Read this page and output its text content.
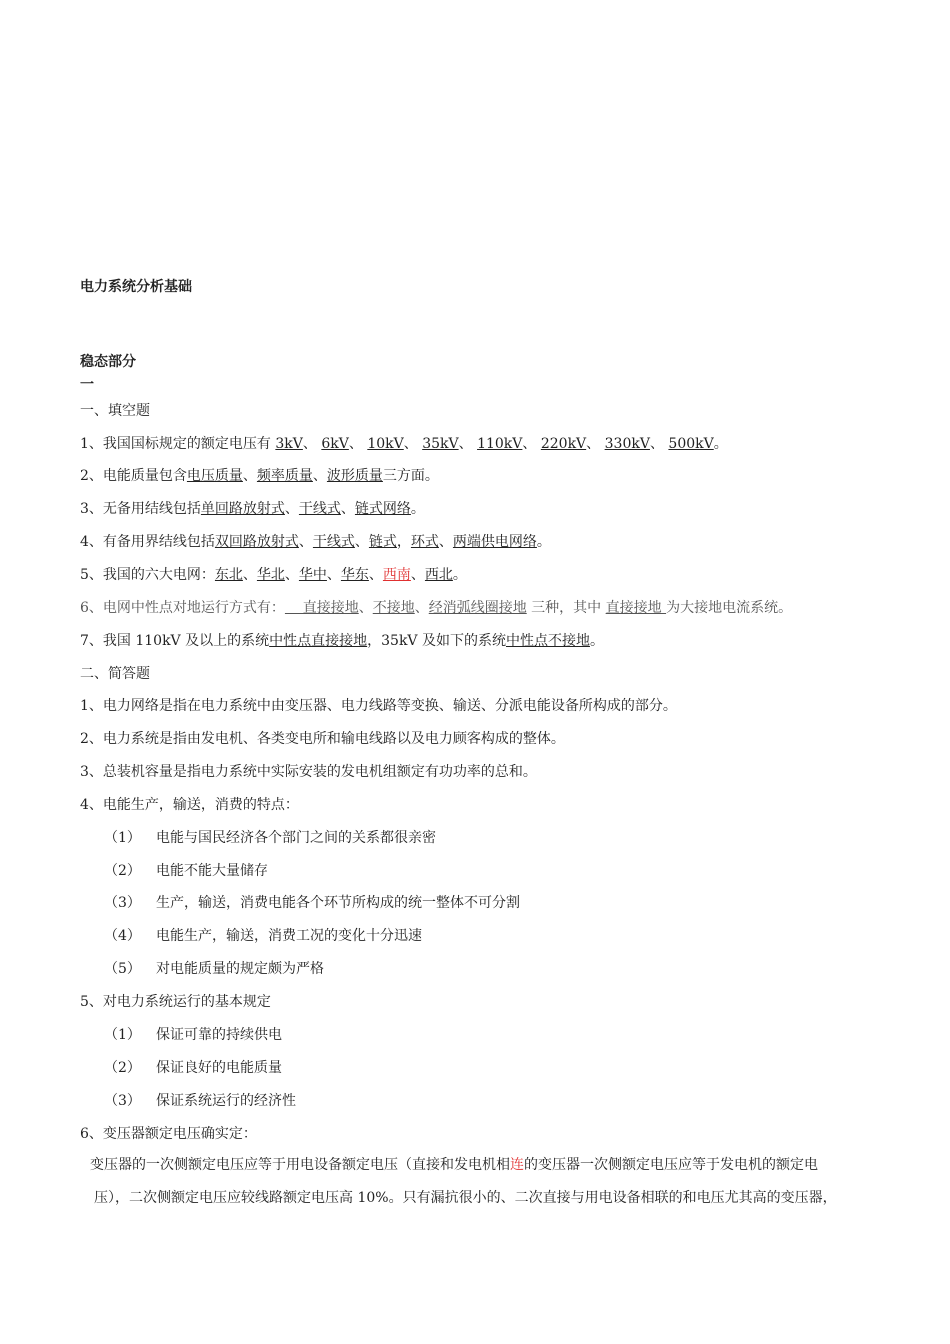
电力系统分析基础
稳态部分
一
一、填空题
1、我国国标规定的额定电压有 3kV、 6kV、 10kV、 35kV、 110kV、 220kV、 330kV、 500kV。
2、电能质量包含电压质量、频率质量、波形质量三方面。
3、无备用结线包括单回路放射式、干线式、链式网络。
4、有备用界结线包括双回路放射式、干线式、链式，环式、两端供电网络。
5、我国的六大电网：东北、华北、华中、华东、西南、西北。
6、电网中性点对地运行方式有：    直接接地、不接地、经消弧线圈接地 三种，其中 直接接地 为大接地电流系统。
7、我国 110kV 及以上的系统中性点直接接地，35kV 及如下的系统中性点不接地。
二、简答题
1、电力网络是指在电力系统中由变压器、电力线路等变换、输送、分派电能设备所构成的部分。
2、电力系统是指由发电机、各类变电所和输电线路以及电力顾客构成的整体。
3、总装机容量是指电力系统中实际安装的发电机组额定有功功率的总和。
4、电能生产，输送，消费的特点：
（1） 电能与国民经济各个部门之间的关系都很亲密
（2） 电能不能大量储存
（3） 生产，输送，消费电能各个环节所构成的统一整体不可分割
（4） 电能生产，输送，消费工况的变化十分迅速
（5） 对电能质量的规定颇为严格
5、对电力系统运行的基本规定
（1） 保证可靠的持续供电
（2） 保证良好的电能质量
（3） 保证系统运行的经济性
6、变压器额定电压确实定：
变压器的一次侧额定电压应等于用电设备额定电压（直接和发电机相连的变压器一次侧额定电压应等于发电机的额定电
压），二次侧额定电压应较线路额定电压高 10%。只有漏抗很小的、二次直接与用电设备相联的和电压尤其高的变压器，
